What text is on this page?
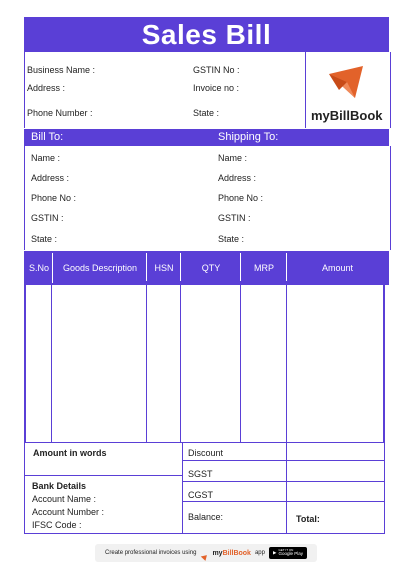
Sales Bill
Business Name :
Address :
Phone Number :
GSTIN No :
Invoice no :
State :	myBillBook
Bill To:	Shipping To:
Name :
Address :
Phone No :
GSTIN :
State :
Name :
Address :
Phone No :
GSTIN :
State :
S.No	Goods Description	HSN	QTY	MRP	Amount
Amount in words
Bank Details
Account Name :
Account Number :
IFSC Code :
Discount
SGST
CGST
Balance:	Total:
Create professional invoices using myBillBook app ▶ GET IT ON
Google Play
